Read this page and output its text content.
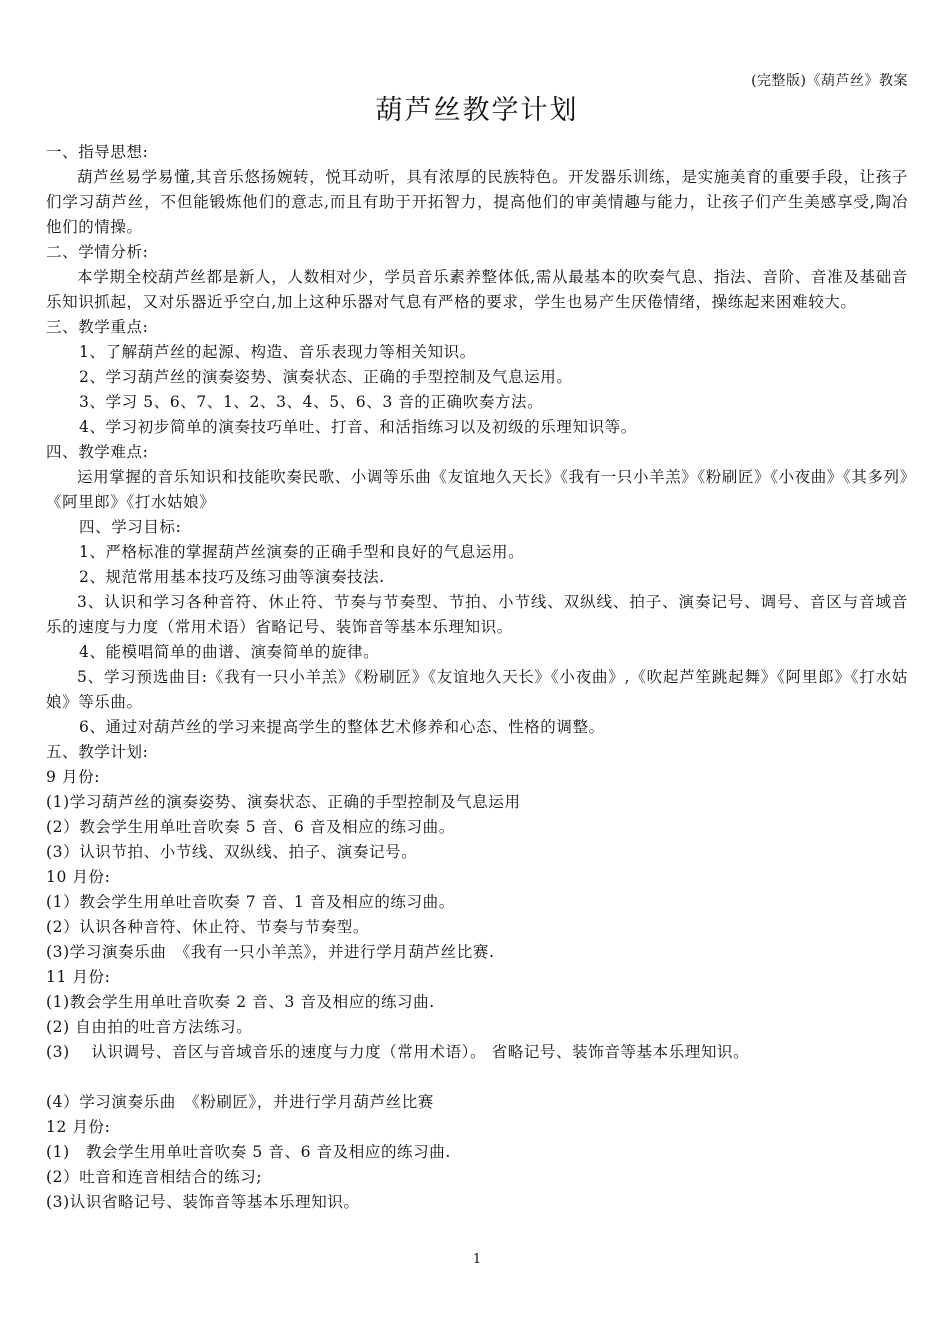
(完整版)《葫芦丝》教案
葫芦丝教学计划
一、指导思想:
葫芦丝易学易懂,其音乐悠扬婉转，悦耳动听，具有浓厚的民族特色。开发器乐训练，是实施美育的重要手段，让孩子们学习葫芦丝，不但能锻炼他们的意志,而且有助于开拓智力，提高他们的审美情趣与能力，让孩子们产生美感享受,陶冶他们的情操。
二、学情分析:
本学期全校葫芦丝都是新人，人数相对少，学员音乐素养整体低,需从最基本的吹奏气息、指法、音阶、音准及基础音乐知识抓起，又对乐器近乎空白,加上这种乐器对气息有严格的要求，学生也易产生厌倦情绪，操练起来困难较大。
三、教学重点:
1、了解葫芦丝的起源、构造、音乐表现力等相关知识。
2、学习葫芦丝的演奏姿势、演奏状态、正确的手型控制及气息运用。
3、学习 5、6、7、1、2、3、4、5、6、3 音的正确吹奏方法。
4、学习初步简单的演奏技巧单吐、打音、和活指练习以及初级的乐理知识等。
四、教学难点:
运用掌握的音乐知识和技能吹奏民歌、小调等乐曲《友谊地久天长》《我有一只小羊羔》《粉刷匠》《小夜曲》《其多列》《阿里郎》《打水姑娘》
四、学习目标:
1、严格标准的掌握葫芦丝演奏的正确手型和良好的气息运用。
2、规范常用基本技巧及练习曲等演奏技法.
3、认识和学习各种音符、休止符、节奏与节奏型、节拍、小节线、双纵线、拍子、演奏记号、调号、音区与音域音乐的速度与力度（常用术语）省略记号、装饰音等基本乐理知识。
4、能模唱简单的曲谱、演奏简单的旋律。
5、学习预选曲目:《我有一只小羊羔》《粉刷匠》《友谊地久天长》《小夜曲》,《吹起芦笙跳起舞》《阿里郎》《打水姑娘》等乐曲。
6、通过对葫芦丝的学习来提高学生的整体艺术修养和心态、性格的调整。
五、教学计划:
9 月份:
(1)学习葫芦丝的演奏姿势、演奏状态、正确的手型控制及气息运用
(2）教会学生用单吐音吹奏 5 音、6 音及相应的练习曲。
(3）认识节拍、小节线、双纵线、拍子、演奏记号。
10 月份:
(1）教会学生用单吐音吹奏 7 音、1 音及相应的练习曲。
(2）认识各种音符、休止符、节奏与节奏型。
(3)学习演奏乐曲　《我有一只小羊羔》，并进行学月葫芦丝比赛.
11 月份:
(1)教会学生用单吐音吹奏 2 音、3 音及相应的练习曲.
(2) 自由拍的吐音方法练习。
(3)　 认识调号、音区与音域音乐的速度与力度（常用术语）。 省略记号、装饰音等基本乐理知识。
(4）学习演奏乐曲　《粉刷匠》，并进行学月葫芦丝比赛
12 月份:
(1)　教会学生用单吐音吹奏 5 音、6 音及相应的练习曲.
(2）吐音和连音相结合的练习;
(3)认识省略记号、装饰音等基本乐理知识。
1
